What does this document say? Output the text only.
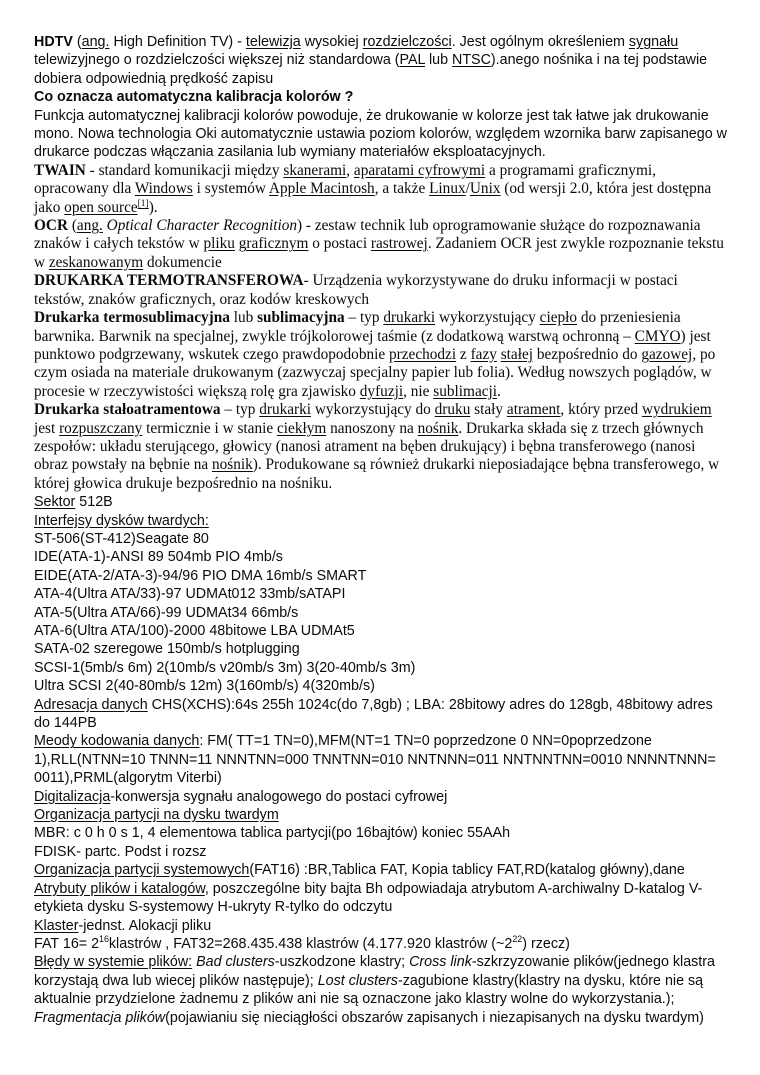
HDTV (ang. High Definition TV) - telewizja wysokiej rozdzielczości. Jest ogólnym określeniem sygnału telewizyjnego o rozdzielczości większej niż standardowa (PAL lub NTSC).anego nośnika i na tej podstawie dobiera odpowiednią prędkość zapisu

Co oznacza automatyczna kalibracja kolorów ?

Funkcja automatycznej kalibracji kolorów powoduje, że drukowanie w kolorze jest tak łatwe jak drukowanie mono. Nowa technologia Oki automatycznie ustawia poziom kolorów, względem wzornika barw zapisanego w drukarce podczas włączania zasilania lub wymiany materiałów eksploatacyjnych.

TWAIN - standard komunikacji między skanerami, aparatami cyfrowymi a programami graficznymi, opracowany dla Windows i systemów Apple Macintosh, a także Linux/Unix (od wersji 2.0, która jest dostępna jako open source[1]).

OCR (ang. Optical Character Recognition) - zestaw technik lub oprogramowanie służące do rozpoznawania znaków i całych tekstów w pliku graficznym o postaci rastrowej. Zadaniem OCR jest zwykle rozpoznanie tekstu w zeskanowanym dokumencie

DRUKARKA TERMOTRANSFEROWA- Urządzenia wykorzystywane do druku informacji w postaci tekstów, znaków graficznych, oraz kodów kreskowych

Drukarka termosublimacyjna lub sublimacyjna – typ drukarki wykorzystujący ciepło do przeniesienia barwnika. Barwnik na specjalnej, zwykle trójkolorowej taśmie (z dodatkową warstwą ochronną – CMYO) jest punktowo podgrzewany, wskutek czego prawdopodobnie przechodzi z fazy stałej bezpośrednio do gazowej, po czym osiada na materiale drukowanym (zazwyczaj specjalny papier lub folia). Według nowszych poglądów, w procesie w rzeczywistości większą rolę gra zjawisko dyfuzji, nie sublimacji.

Drukarka stałoatramentowa – typ drukarki wykorzystujący do druku stały atrament, który przed wydrukiem jest rozpuszczany termicznie i w stanie ciekłym nanoszony na nośnik. Drukarka składa się z trzech głównych zespołów: układu sterującego, głowicy (nanosi atrament na bęben drukujący) i bębna transferowego (nanosi obraz powstały na bębnie na nośnik). Produkowane są również drukarki nieposiadające bębna transferowego, w której głowica drukuje bezpośrednio na nośniku.

Sektor 512B

Interfejsy dysków twardych:

ST-506(ST-412)Seagate 80

IDE(ATA-1)-ANSI 89 504mb PIO 4mb/s

EIDE(ATA-2/ATA-3)-94/96 PIO DMA 16mb/s SMART

ATA-4(Ultra ATA/33)-97 UDMAt012 33mb/sATAPI

ATA-5(Ultra ATA/66)-99 UDMAt34 66mb/s

ATA-6(Ultra ATA/100)-2000 48bitowe LBA UDMAt5

SATA-02 szeregowe 150mb/s hotplugging

SCSI-1(5mb/s 6m) 2(10mb/s v20mb/s 3m) 3(20-40mb/s 3m)

Ultra SCSI 2(40-80mb/s 12m) 3(160mb/s) 4(320mb/s)

Adresacja danych CHS(XCHS):64s 255h 1024c(do 7,8gb) ; LBA: 28bitowy adres do 128gb, 48bitowy adres do 144PB

Meody kodowania danych: FM( TT=1 TN=0),MFM(NT=1 TN=0 poprzedzone 0 NN=0poprzedzone 1),RLL(NTNN=10 TNNN=11 NNNTNN=000 TNNTNN=010 NNTNNN=011 NNTNNTNN=0010 NNNNTNNN= 0011),PRML(algorytm Viterbi)

Digitalizacja-konwersja sygnału analogowego do postaci cyfrowej

Organizacja partycji na dysku twardym

MBR: c 0 h 0 s 1, 4 elementowa tablica partycji(po 16bajtów) koniec 55AAh

FDISK- partc. Podst i rozsz

Organizacja partycji systemowych(FAT16) :BR,Tablica FAT, Kopia tablicy FAT,RD(katalog główny),dane

Atrybuty plików i katalogów, poszczególne bity bajta Bh odpowiadaja atrybutom A-archiwalny D-katalog V-etykieta dysku S-systemowy H-ukryty R-tylko do odczytu

Klaster-jednst. Alokacji pliku

FAT $16= 2^{16}klastrów$ , FAT32=268.435.438 klastrów (4.177.920 klastrów $(\sim 2^{22})$ rzecz)

Błędy w systemie plików: Bad clusters-uszkodzone klastry; Cross link-szkrzyzowanie plików(jednego klastra korzystają dwa lub wiecej plików następuje); Lost clusters-zagubione klastry(klastry na dysku, które nie są aktualnie przydzielone żadnemu z plików ani nie są oznaczone jako klastry wolne do wykorzystania.);

Fragmentacja plików(pojawianiu się nieciągłości obszarów zapisanych i niezapisanych na dysku twardym)
